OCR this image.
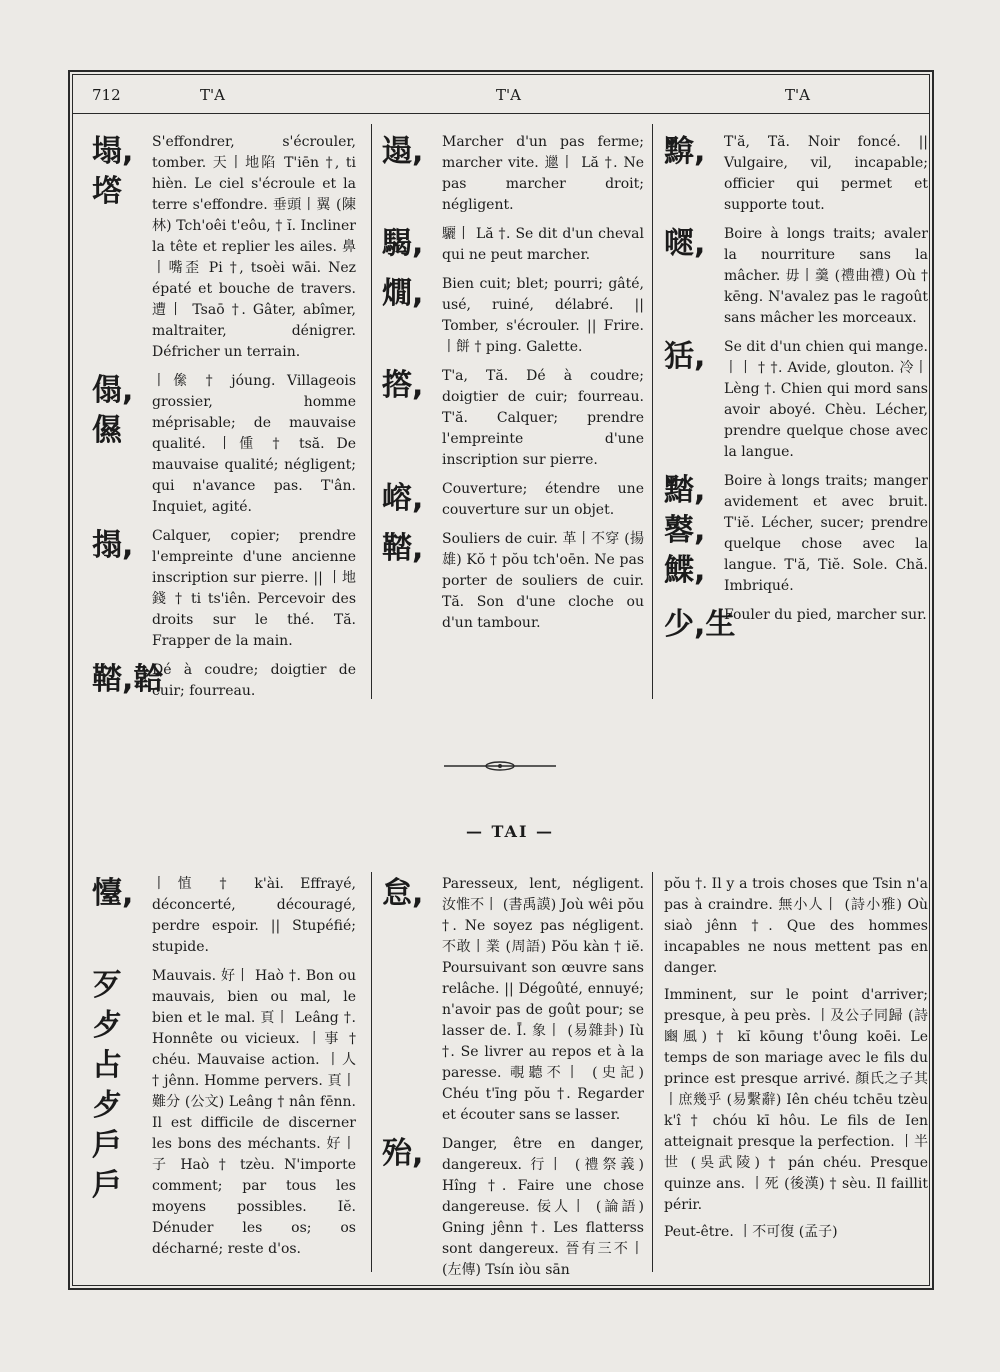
712	T'A	T'A	T'A
塌,
㙮
S'effondrer, s'écrouler, tomber. 天丨地陷 T'iēn †, ti hièn. Le ciel s'écroule et la terre s'effondre. 垂頭丨翼 (陳林) Tch'oêi t'eôu, † ĭ. Incliner la tête et replier les ailes. 鼻丨嘴歪 Pi †, tsoèi wāi. Nez épaté et bouche de travers. 遭丨 Tsaō †. Gâter, abîmer, maltraiter, dénigrer. Défricher un terrain.
傝,
儑
丨㒍 † jóung. Villageois grossier, homme méprisable; de mauvaise qualité. 丨偅 † tsă. De mauvaise qualité; négligent; qui n'avance pas. T'ân. Inquiet, agité.
搨,	Calquer, copier; prendre l'empreinte d'une ancienne inscription sur pierre. || 丨地錢 † ti ts'iên. Percevoir des droits sur le thé. Tă. Frapper de la main.
鞜,韐
Dé à coudre; doigtier de cuir; fourreau.
遢,	Marcher d'un pas ferme; marcher vite. 邋丨 Lă †. Ne pas marcher droit; négligent.
騔,	驪丨 Lă †. Se dit d'un cheval qui ne peut marcher.
燗,	Bien cuit; blet; pourri; gâté, usé, ruiné, délabré. || Tomber, s'écrouler. || Frire. 丨餅 † ping. Galette.
撘,	T'a, Tă. Dé à coudre; doigtier de cuir; fourreau. T'ă. Calquer; prendre l'empreinte d'une inscription sur pierre.
嵱,	Couverture; étendre une couverture sur un objet.
鞜,	Souliers de cuir. 革丨不穿 (揚雄) Kŏ † pŏu tch'oēn. Ne pas porter de souliers de cuir. Tă. Son d'une cloche ou d'un tambour.
黭,	T'ă, Tă. Noir foncé. || Vulgaire, vil, incapable; officier qui permet et supporte tout.
嚃,	Boire à longs traits; avaler la nourriture sans la mâcher. 毋丨羹 (禮曲禮) Où † kēng. N'avalez pas le ragoût sans mâcher les morceaux.
狧,	Se dit d'un chien qui mange. 丨丨 † †. Avide, glouton. 冷丨 Lèng †. Chien qui mord sans avoir aboyé. Chèu. Lécher, prendre quelque chose avec la langue.
䵬,
䶀,
鰈,
Boire à longs traits; manger avidement et avec bruit. T'iĕ. Lécher, sucer; prendre quelque chose avec la langue. T'ă, Tiĕ. Sole. Chă. Imbriqué.
少,生
Fouler du pied, marcher sur.
— TAI —
懛,	丨㥀 † k'ài. Effrayé, déconcerté, découragé, perdre espoir. || Stupéfié; stupide.
歹
歺
占
歺
戶
戶
Mauvais. 好丨 Haò †. Bon ou mauvais, bien ou mal, le bien et le mal. 頁丨 Leâng †. Honnête ou vicieux. 丨事 † chéu. Mauvaise action. 丨人 † jênn. Homme pervers. 頁丨難分 (公文) Leâng † nân fēnn. Il est difficile de discerner les bons des méchants. 好丨子 Haò † tzèu. N'importe comment; par tous les moyens possibles. Iĕ. Dénuder les os; os décharné; reste d'os.
怠,	Paresseux, lent, négligent. 汝惟不丨 (書禹謨) Joù wêi pŏu †. Ne soyez pas négligent. 不敢丨業 (周語) Pŏu kàn † iĕ. Poursuivant son œuvre sans relâche. || Dégoûté, ennuyé; n'avoir pas de goût pour; se lasser de. Ī. 象丨 (易雜卦) Iù †. Se livrer au repos et à la paresse. 覗聽不丨 (史記) Chéu t'īng pŏu †. Regarder et écouter sans se lasser.
殆,	Danger, être en danger, dangereux. 行丨 (禮祭義) Hîng †. Faire une chose dangereuse. 佞人丨 (論語) Gning jênn †. Les flatterss sont dangereux. 晉有三不丨 (左傳) Tsín iòu sān

pŏu †. Il y a trois choses que Tsin n'a pas à craindre. 無小人丨 (詩小雅) Où siaò jênn †. Que des hommes incapables ne nous mettent pas en danger.

Imminent, sur le point d'arriver; presque, à peu près. 丨及公子同歸 (詩豳風) † kĭ kōung t'ôung koēi. Le temps de son mariage avec le fils du prince est presque arrivé. 顏氏之子其丨庶幾乎 (易繫辭) Iên chéu tchēu tzèu k'î † chóu kī hôu. Le fils de Ien atteignait presque la perfection. 丨半世 (吳武陵) † pán chéu. Presque quinze ans. 丨死 (後漢) † sèu. Il faillit périr.

Peut-être. 丨不可復 (孟子)
